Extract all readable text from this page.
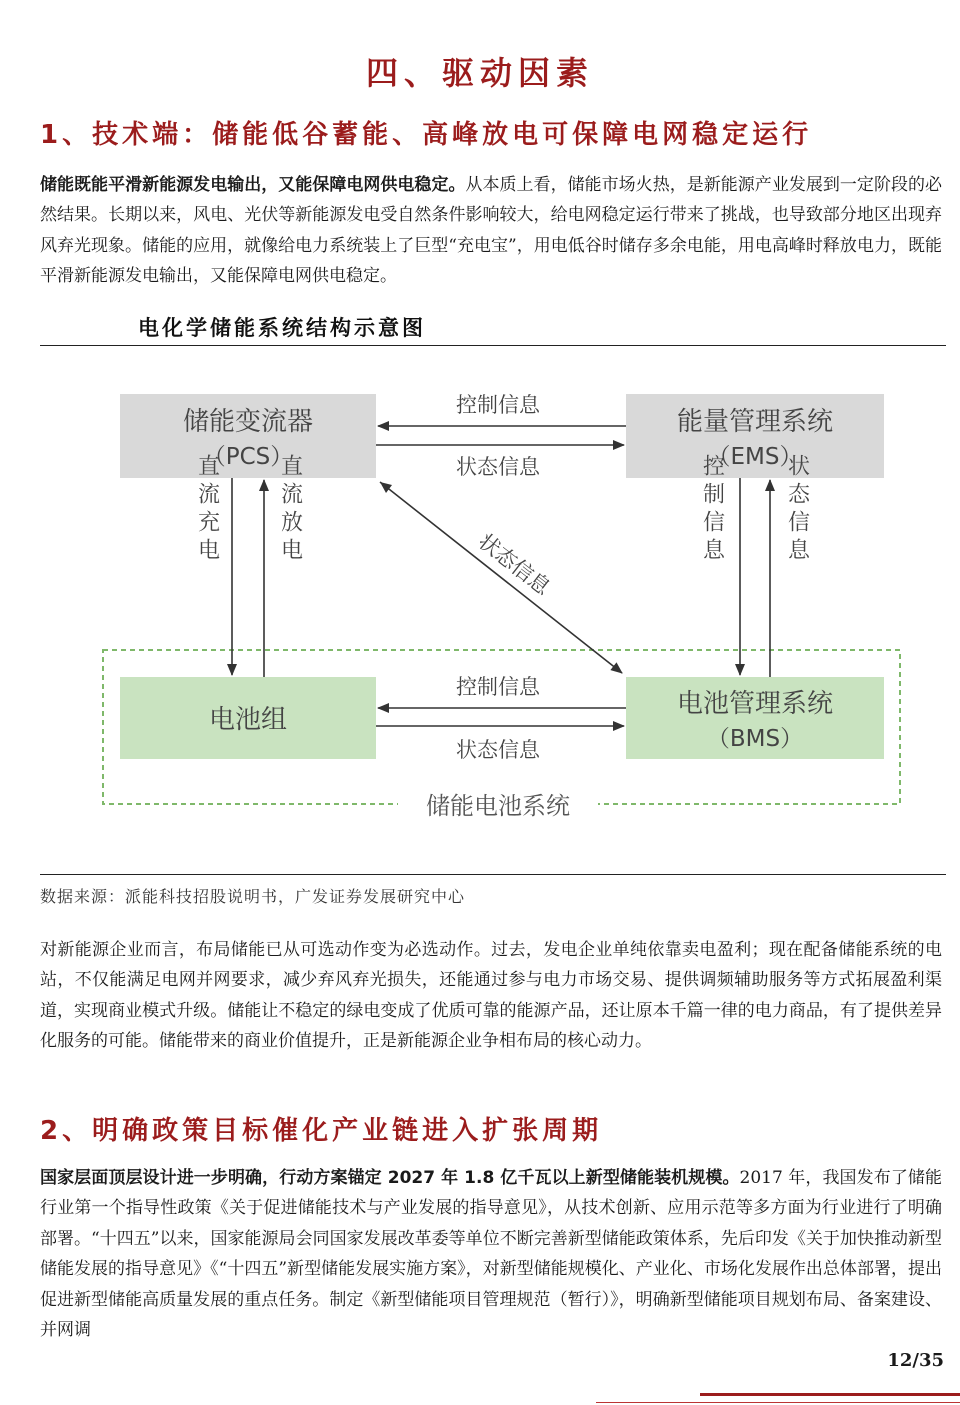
四、驱动因素
1、技术端：储能低谷蓄能、高峰放电可保障电网稳定运行
储能既能平滑新能源发电输出，又能保障电网供电稳定。从本质上看，储能市场火热，是新能源产业发展到一定阶段的必然结果。长期以来，风电、光伏等新能源发电受自然条件影响较大，给电网稳定运行带来了挑战，也导致部分地区出现弃风弃光现象。储能的应用，就像给电力系统装上了巨型“充电宝”，用电低谷时储存多余电能，用电高峰时释放电力，既能平滑新能源发电输出，又能保障电网供电稳定。
电化学储能系统结构示意图
储能变流器
（PCS）
能量管理系统
（EMS）
电池组
电池管理系统
（BMS）
控制信息
状态信息
控制信息
状态信息
直流充电	直流放电	控制信息	状态信息
状态信息
储能电池系统
数据来源：派能科技招股说明书，广发证券发展研究中心
对新能源企业而言，布局储能已从可选动作变为必选动作。过去，发电企业单纯依靠卖电盈利；现在配备储能系统的电站，不仅能满足电网并网要求，减少弃风弃光损失，还能通过参与电力市场交易、提供调频辅助服务等方式拓展盈利渠道，实现商业模式升级。储能让不稳定的绿电变成了优质可靠的能源产品，还让原本千篇一律的电力商品，有了提供差异化服务的可能。储能带来的商业价值提升，正是新能源企业争相布局的核心动力。
2、明确政策目标催化产业链进入扩张周期
国家层面顶层设计进一步明确，行动方案锚定 2027 年 1.8 亿千瓦以上新型储能装机规模。2017 年，我国发布了储能行业第一个指导性政策《关于促进储能技术与产业发展的指导意见》，从技术创新、应用示范等多方面为行业进行了明确部署。“十四五”以来，国家能源局会同国家发展改革委等单位不断完善新型储能政策体系，先后印发《关于加快推动新型储能发展的指导意见》《“十四五”新型储能发展实施方案》，对新型储能规模化、产业化、市场化发展作出总体部署，提出促进新型储能高质量发展的重点任务。制定《新型储能项目管理规范（暂行）》，明确新型储能项目规划布局、备案建设、并网调
12/35
